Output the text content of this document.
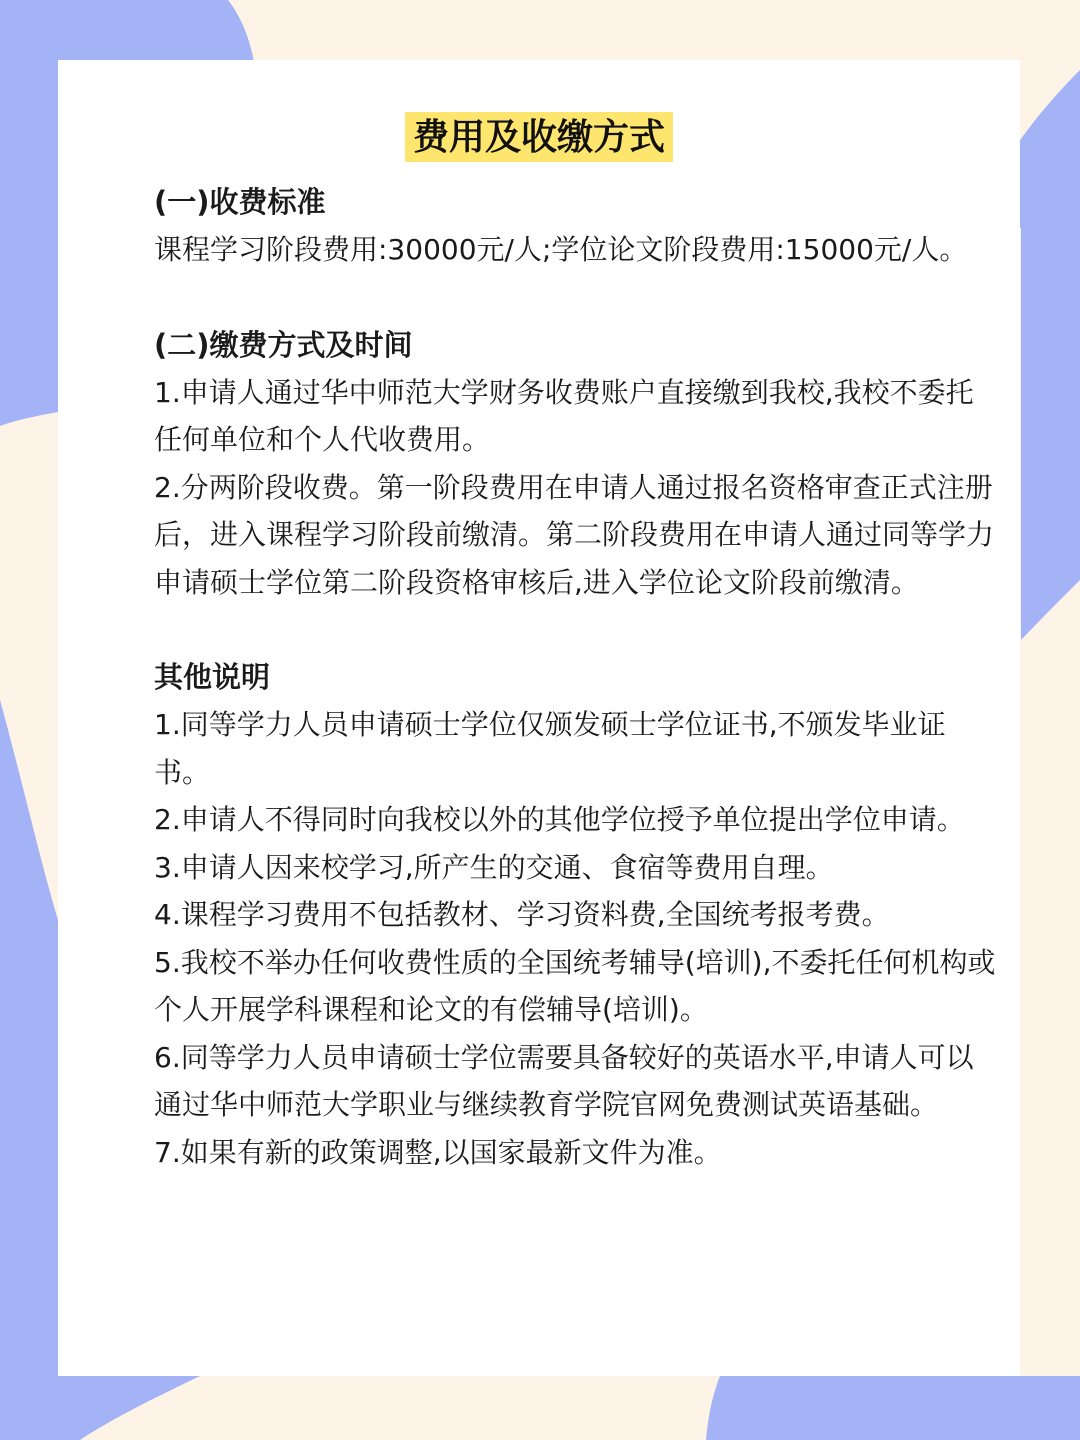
费用及收缴方式
(一)收费标准

课程学习阶段费用:30000元/人;学位论文阶段费用:15000元/人。

(二)缴费方式及时间

1.申请人通过华中师范大学财务收费账户直接缴到我校,我校不委托任何单位和个人代收费用。

2.分两阶段收费。第一阶段费用在申请人通过报名资格审查正式注册后，进入课程学习阶段前缴清。第二阶段费用在申请人通过同等学力申请硕士学位第二阶段资格审核后,进入学位论文阶段前缴清。

其他说明

1.同等学力人员申请硕士学位仅颁发硕士学位证书,不颁发毕业证书。

2.申请人不得同时向我校以外的其他学位授予单位提出学位申请。

3.申请人因来校学习,所产生的交通、食宿等费用自理。

4.课程学习费用不包括教材、学习资料费,全国统考报考费。

5.我校不举办任何收费性质的全国统考辅导(培训),不委托任何机构或个人开展学科课程和论文的有偿辅导(培训)。

6.同等学力人员申请硕士学位需要具备较好的英语水平,申请人可以通过华中师范大学职业与继续教育学院官网免费测试英语基础。

7.如果有新的政策调整,以国家最新文件为准。
